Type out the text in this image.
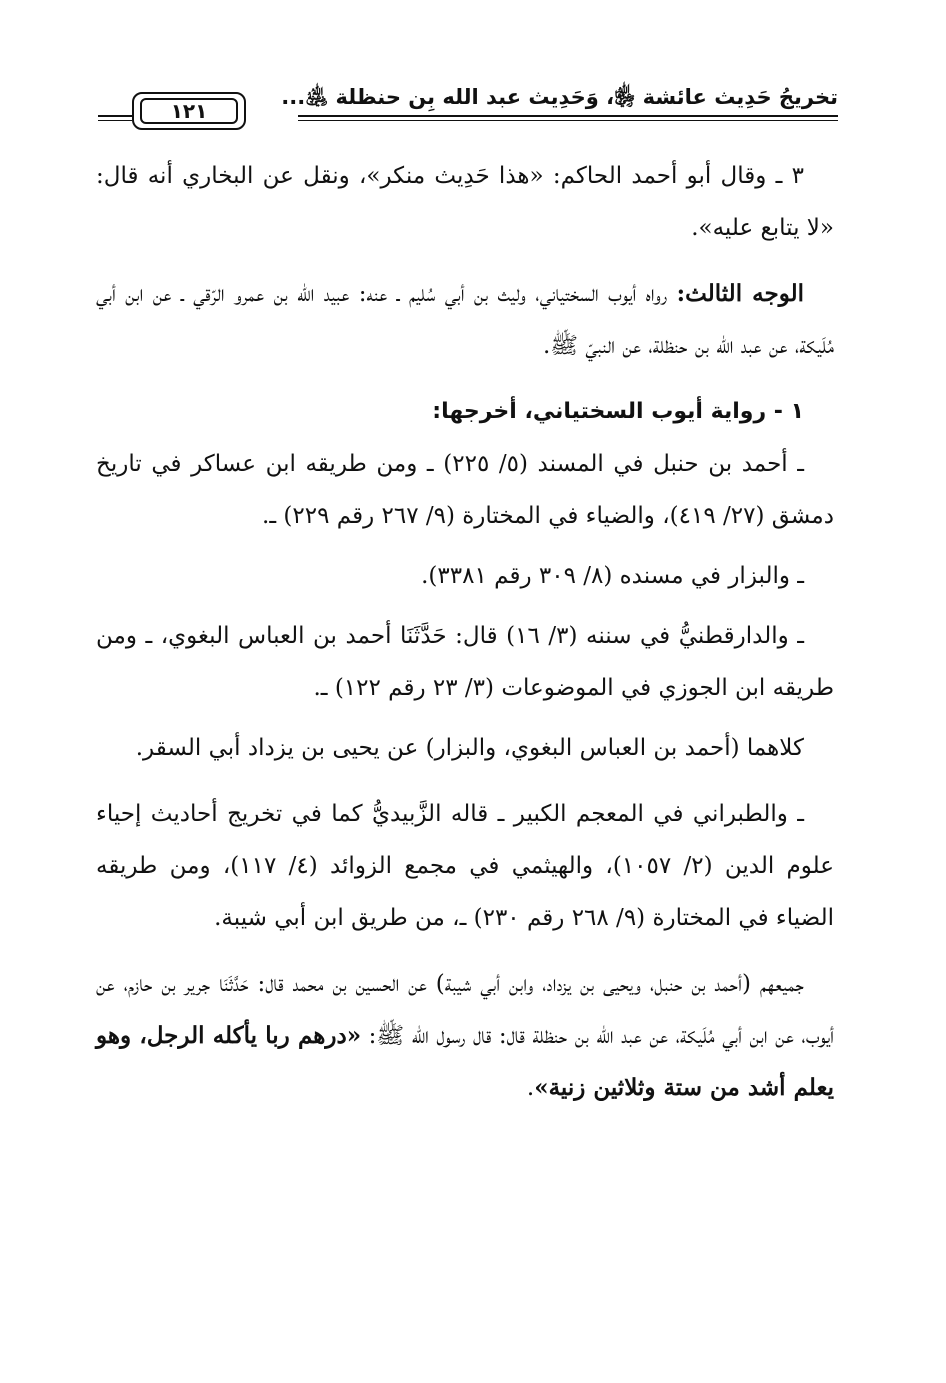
تخريجُ حَدِيث عائشة ﵂، وَحَدِيث عبد الله بِن حنظلة ﵁...
١٢١

٣ ـ وقال أبو أحمد الحاكم: «هذا حَدِيث منكر»، ونقل عن البخاري أنه قال: «لا يتابع عليه».

الوجه الثالث: رواه أيوب السختياني، وليث بن أبي سُليم ـ عنه: عبيد الله بن عمرو الرّقي ـ عن ابن أبي مُلَيكة، عن عبد الله بن حنظلة، عن النبيّ ﷺ.

١ - رواية أيوب السختياني، أخرجها:

ـ أحمد بن حنبل في المسند (٥/ ٢٢٥) ـ ومن طريقه ابن عساكر في تاريخ دمشق (٢٧/ ٤١٩)، والضياء في المختارة (٩/ ٢٦٧ رقم ٢٢٩) ـ.

ـ والبزار في مسنده (٨/ ٣٠٩ رقم ٣٣٨١).

ـ والدارقطنيُّ في سننه (٣/ ١٦) قال: حَدَّثَنَا أحمد بن العباس البغوي، ـ ومن طريقه ابن الجوزي في الموضوعات (٣/ ٢٣ رقم ١٢٢) ـ.

كلاهما (أحمد بن العباس البغوي، والبزار) عن يحيى بن يزداد أبي السقر.

ـ والطبراني في المعجم الكبير ـ قاله الزَّبيديُّ كما في تخريج أحاديث إحياء علوم الدين (٢/ ١٠٥٧)، والهيثمي في مجمع الزوائد (٤/ ١١٧)، ومن طريقه الضياء في المختارة (٩/ ٢٦٨ رقم ٢٣٠) ـ، من طريق ابن أبي شيبة.

جميعهم (أحمد بن حنبل، ويحيى بن يزداد، وابن أبي شيبة) عن الحسين بن محمد قال: حَدَّثَنَا جرير بن حازم، عن أيوب، عن ابن أبي مُلَيكة، عن عبد الله بن حنظلة قال: قال رسول الله ﷺ: «درهم ربا يأكله الرجل، وهو يعلم أشد من ستة وثلاثين زنية».
